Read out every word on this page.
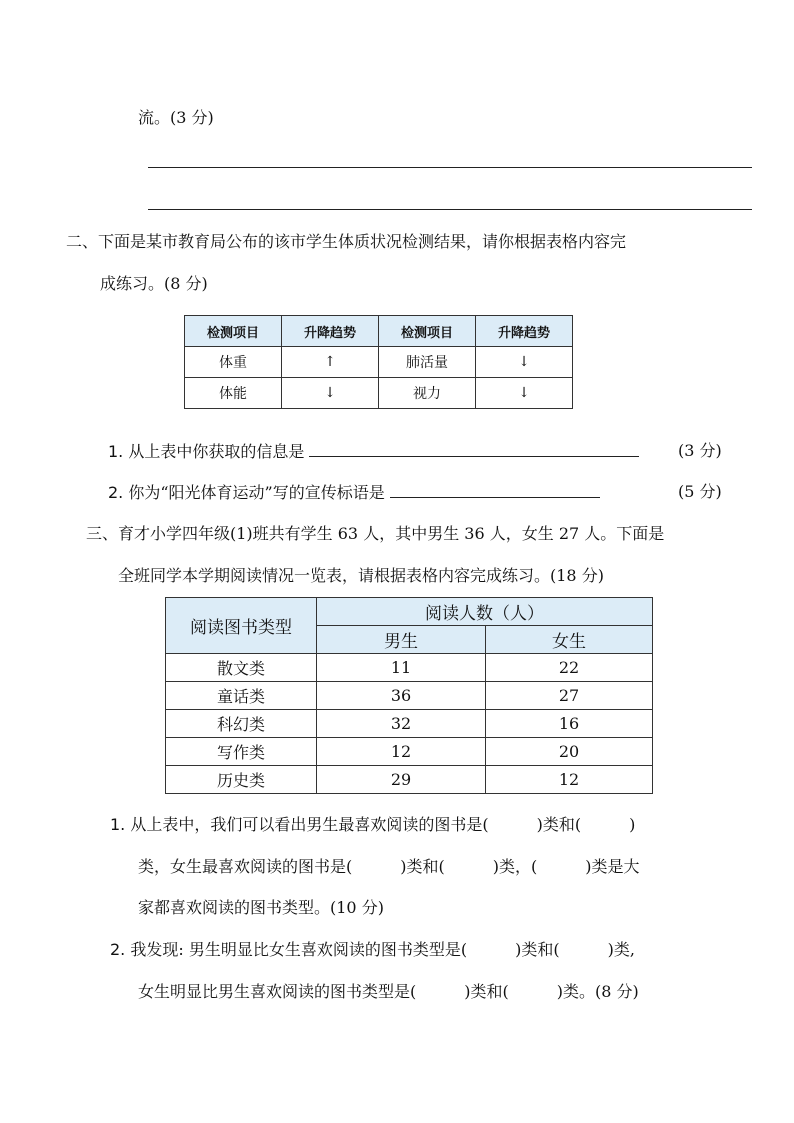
流。(3 分)
二、下面是某市教育局公布的该市学生体质状况检测结果，请你根据表格内容完
成练习。(8 分)
检测项目	升降趋势	检测项目	升降趋势
体重	↑	肺活量	↓
体能	↓	视力	↓
1. 从上表中你获取的信息是	(3 分)
2. 你为“阳光体育运动”写的宣传标语是	(5 分)
三、育才小学四年级(1)班共有学生 63 人，其中男生 36 人，女生 27 人。下面是
全班同学本学期阅读情况一览表，请根据表格内容完成练习。(18 分)
阅读图书类型	阅读人数（人）	
	男生	女生
散文类	11	22
童话类	36	27
科幻类	32	16
写作类	12	20
历史类	29	12
1. 从上表中，我们可以看出男生最喜欢阅读的图书是(	)类和(	)
类，女生最喜欢阅读的图书是(	)类和(	)类，(	)类是大
家都喜欢阅读的图书类型。(10 分)
2. 我发现: 男生明显比女生喜欢阅读的图书类型是(	)类和(	)类,
女生明显比男生喜欢阅读的图书类型是(	)类和(	)类。(8 分)
